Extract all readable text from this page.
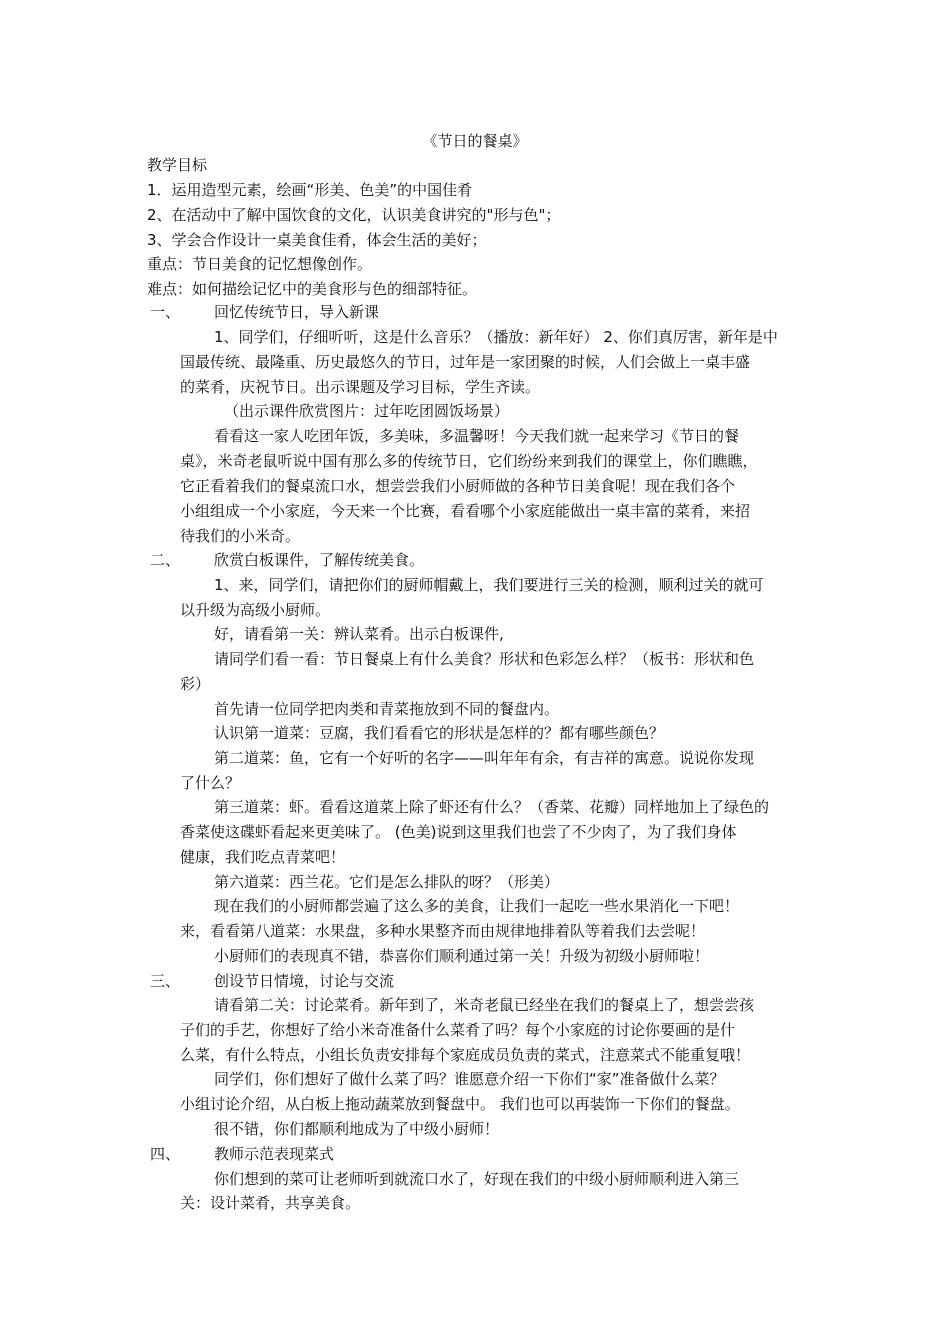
《节日的餐桌》
教学目标
1．运用造型元素，绘画“形美、色美”的中国佳肴
2、在活动中了解中国饮食的文化，认识美食讲究的"形与色"；
3、学会合作设计一桌美食佳肴，体会生活的美好；
重点：节日美食的记忆想像创作。
难点：如何描绘记忆中的美食形与色的细部特征。
一、 回忆传统节日，导入新课
1、同学们，仔细听听，这是什么音乐？（播放：新年好） 2、你们真厉害，新年是中
国最传统、最隆重、历史最悠久的节日，过年是一家团聚的时候，人们会做上一桌丰盛
的菜肴，庆祝节日。出示课题及学习目标，学生齐读。
（出示课件欣赏图片：过年吃团圆饭场景）
看看这一家人吃团年饭，多美味，多温馨呀！今天我们就一起来学习《节日的餐
桌》，米奇老鼠听说中国有那么多的传统节日，它们纷纷来到我们的课堂上，你们瞧瞧，
它正看着我们的餐桌流口水，想尝尝我们小厨师做的各种节日美食呢！现在我们各个
小组组成一个小家庭，今天来一个比赛，看看哪个小家庭能做出一桌丰富的菜肴，来招
待我们的小米奇。
二、 欣赏白板课件，了解传统美食。
1、来，同学们，请把你们的厨师帽戴上，我们要进行三关的检测，顺利过关的就可
以升级为高级小厨师。
好，请看第一关：辨认菜肴。出示白板课件,
请同学们看一看：节日餐桌上有什么美食？形状和色彩怎么样？（板书：形状和色
彩）
首先请一位同学把肉类和青菜拖放到不同的餐盘内。
认识第一道菜：豆腐，我们看看它的形状是怎样的？都有哪些颜色？
第二道菜：鱼，它有一个好听的名字——叫年年有余，有吉祥的寓意。说说你发现
了什么？
第三道菜：虾。看看这道菜上除了虾还有什么？（香菜、花瓣）同样地加上了绿色的
香菜使这碟虾看起来更美味了。 (色美)说到这里我们也尝了不少肉了，为了我们身体
健康，我们吃点青菜吧！
第六道菜：西兰花。它们是怎么排队的呀？（形美）
现在我们的小厨师都尝遍了这么多的美食，让我们一起吃一些水果消化一下吧！
来，看看第八道菜：水果盘，多种水果整齐而由规律地排着队等着我们去尝呢！
小厨师们的表现真不错，恭喜你们顺利通过第一关！升级为初级小厨师啦！
三、 创设节日情境，讨论与交流
请看第二关：讨论菜肴。新年到了，米奇老鼠已经坐在我们的餐桌上了，想尝尝孩
子们的手艺，你想好了给小米奇准备什么菜肴了吗？每个小家庭的讨论你要画的是什
么菜，有什么特点，小组长负责安排每个家庭成员负责的菜式，注意菜式不能重复哦！
同学们，你们想好了做什么菜了吗？谁愿意介绍一下你们“家”准备做什么菜？
小组讨论介绍，从白板上拖动蔬菜放到餐盘中。 我们也可以再装饰一下你们的餐盘。
很不错，你们都顺利地成为了中级小厨师！
四、 教师示范表现菜式
你们想到的菜可让老师听到就流口水了，好现在我们的中级小厨师顺利进入第三
关：设计菜肴，共享美食。
